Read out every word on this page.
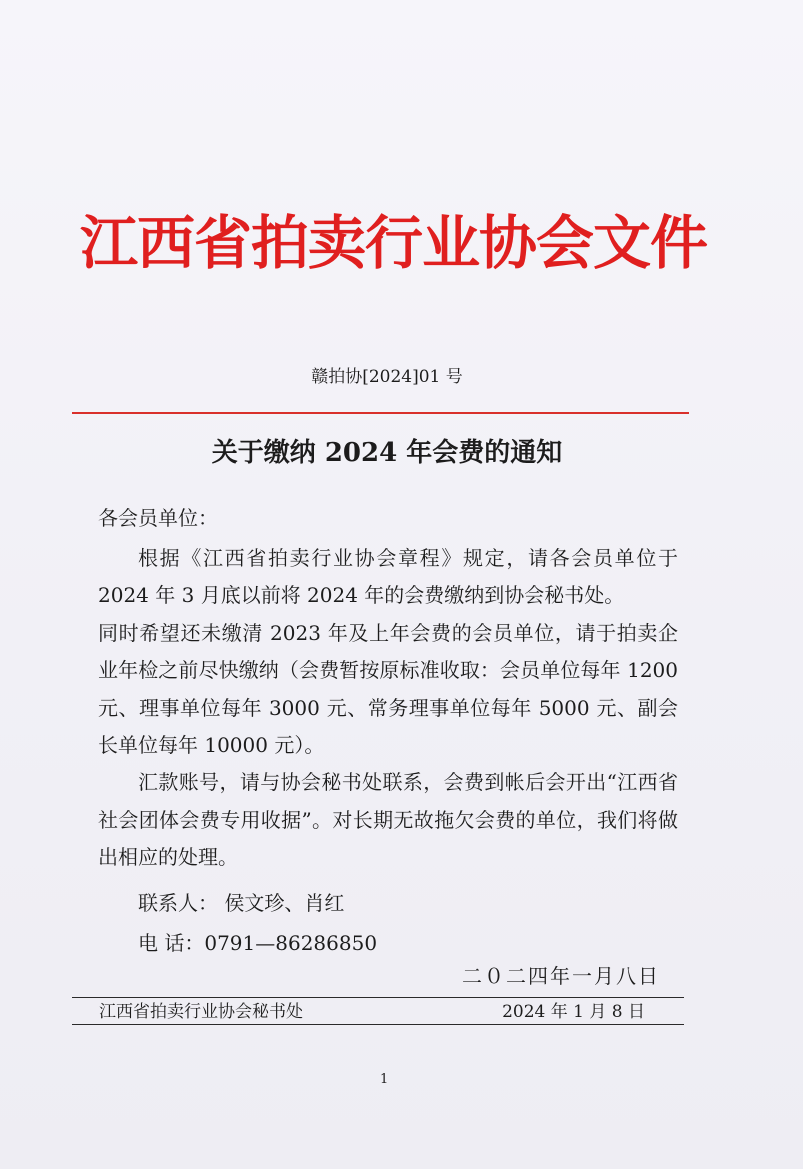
江西省拍卖行业协会文件
赣拍协[2024]01 号
关于缴纳 2024 年会费的通知
各会员单位：

根据《江西省拍卖行业协会章程》规定，请各会员单位于 2024 年 3 月底以前将 2024 年的会费缴纳到协会秘书处。

同时希望还未缴清 2023 年及上年会费的会员单位，请于拍卖企业年检之前尽快缴纳（会费暂按原标准收取：会员单位每年 1200 元、理事单位每年 3000 元、常务理事单位每年 5000 元、副会长单位每年 10000 元）。

汇款账号，请与协会秘书处联系，会费到帐后会开出“江西省社会团体会费专用收据”。对长期无故拖欠会费的单位，我们将做出相应的处理。

联系人： 侯文珍、肖红
电 话：0791—86286850
二０二四年一月八日
江西省拍卖行业协会秘书处	2024 年 1 月 8 日
1
